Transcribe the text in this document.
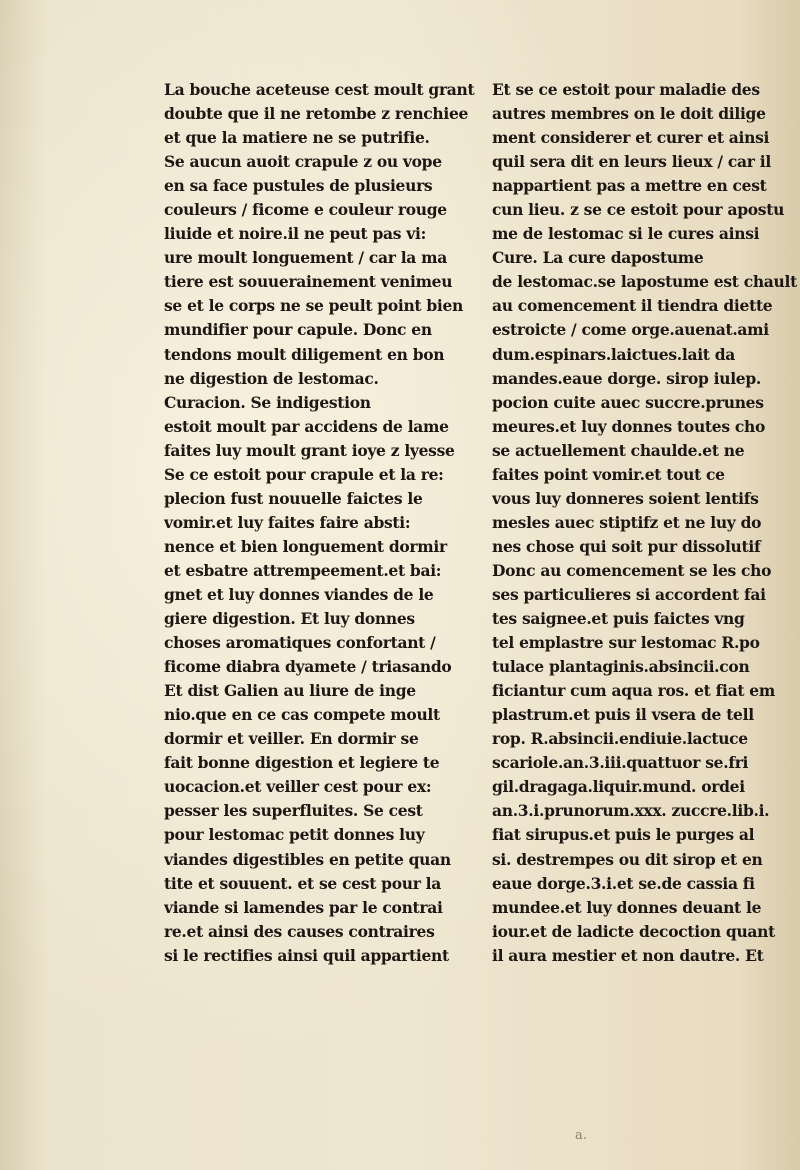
La bouche aceteuse cest moult grant
doubte que il ne retombe z renchiee
et que la matiere ne se putrifie.
Se aucun auoit crapule z ou vope
en sa face pustules de plusieurs
couleurs / ficome e couleur rouge
liuide et noire.il ne peut pas vi:
ure moult longuement / car la ma
tiere est souuerainement venimeu
se et le corps ne se peult point bien
mundifier pour capule. Donc en
tendons moult diligement en bon
ne digestion de lestomac.
Curacion. Se indigestion
estoit moult par accidens de lame
faites luy moult grant ioye z lyesse
Se ce estoit pour crapule et la re:
plecion fust nouuelle faictes le
vomir.et luy faites faire absti:
nence et bien longuement dormir
et esbatre attrempeement.et bai:
gnet et luy donnes viandes de le
giere digestion. Et luy donnes
choses aromatiques confortant /
ficome diabra dyamete / triasando
Et dist Galien au liure de inge
nio.que en ce cas compete moult
dormir et veiller. En dormir se
fait bonne digestion et legiere te
uocacion.et veiller cest pour ex:
pesser les superfluites. Se cest
pour lestomac petit donnes luy
viandes digestibles en petite quan
tite et souuent. et se cest pour la
viande si lamendes par le contrai
re.et ainsi des causes contraires
si le rectifies ainsi quil appartient
Et se ce estoit pour maladie des
autres membres on le doit dilige
ment considerer et curer et ainsi
quil sera dit en leurs lieux / car il
nappartient pas a mettre en cest
cun lieu. z se ce estoit pour apostu
me de lestomac si le cures ainsi
Cure. La cure dapostume
de lestomac.se lapostume est chault
au comencement il tiendra diette
estroicte / come orge.auenat.ami
dum.espinars.laictues.lait da
mandes.eaue dorge. sirop iulep.
pocion cuite auec succre.prunes
meures.et luy donnes toutes cho
se actuellement chaulde.et ne
faites point vomir.et tout ce
vous luy donneres soient lentifs
mesles auec stiptifz et ne luy do
nes chose qui soit pur dissolutif
Donc au comencement se les cho
ses particulieres si accordent fai
tes saignee.et puis faictes vng
tel emplastre sur lestomac R.po
tulace plantaginis.absincii.con
ficiantur cum aqua ros. et fiat em
plastrum.et puis il vsera de tell
rop. R.absincii.endiuie.lactuce
scariole.an.3.iii.quattuor se.fri
gil.dragaga.liquir.mund. ordei
an.3.i.prunorum.xxx. zuccre.lib.i.
fiat sirupus.et puis le purges al
si. destrempes ou dit sirop et en
eaue dorge.3.i.et se.de cassia fi
mundee.et luy donnes deuant le
iour.et de ladicte decoction quant
il aura mestier et non dautre. Et
a.
